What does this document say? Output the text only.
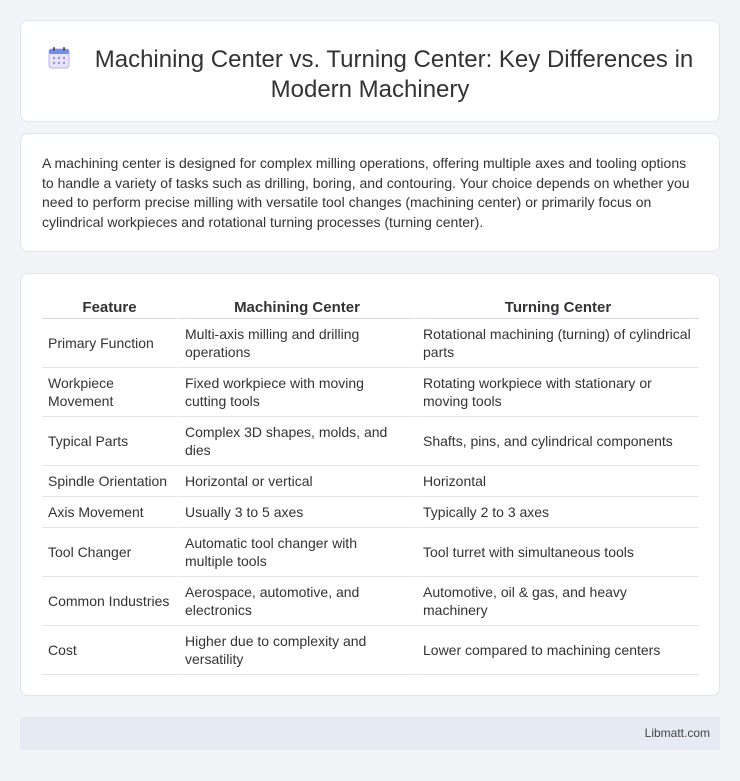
Machining Center vs. Turning Center: Key Differences in Modern Machinery

A machining center is designed for complex milling operations, offering multiple axes and tooling options to handle a variety of tasks such as drilling, boring, and contouring. Your choice depends on whether you need to perform precise milling with versatile tool changes (machining center) or primarily focus on cylindrical workpieces and rotational turning processes (turning center).

Feature	Machining Center	Turning Center
Primary Function	Multi-axis milling and drilling operations	Rotational machining (turning) of cylindrical parts
Workpiece Movement	Fixed workpiece with moving cutting tools	Rotating workpiece with stationary or moving tools
Typical Parts	Complex 3D shapes, molds, and dies	Shafts, pins, and cylindrical components
Spindle Orientation	Horizontal or vertical	Horizontal
Axis Movement	Usually 3 to 5 axes	Typically 2 to 3 axes
Tool Changer	Automatic tool changer with multiple tools	Tool turret with simultaneous tools
Common Industries	Aerospace, automotive, and electronics	Automotive, oil & gas, and heavy machinery
Cost	Higher due to complexity and versatility	Lower compared to machining centers
Libmatt.com
